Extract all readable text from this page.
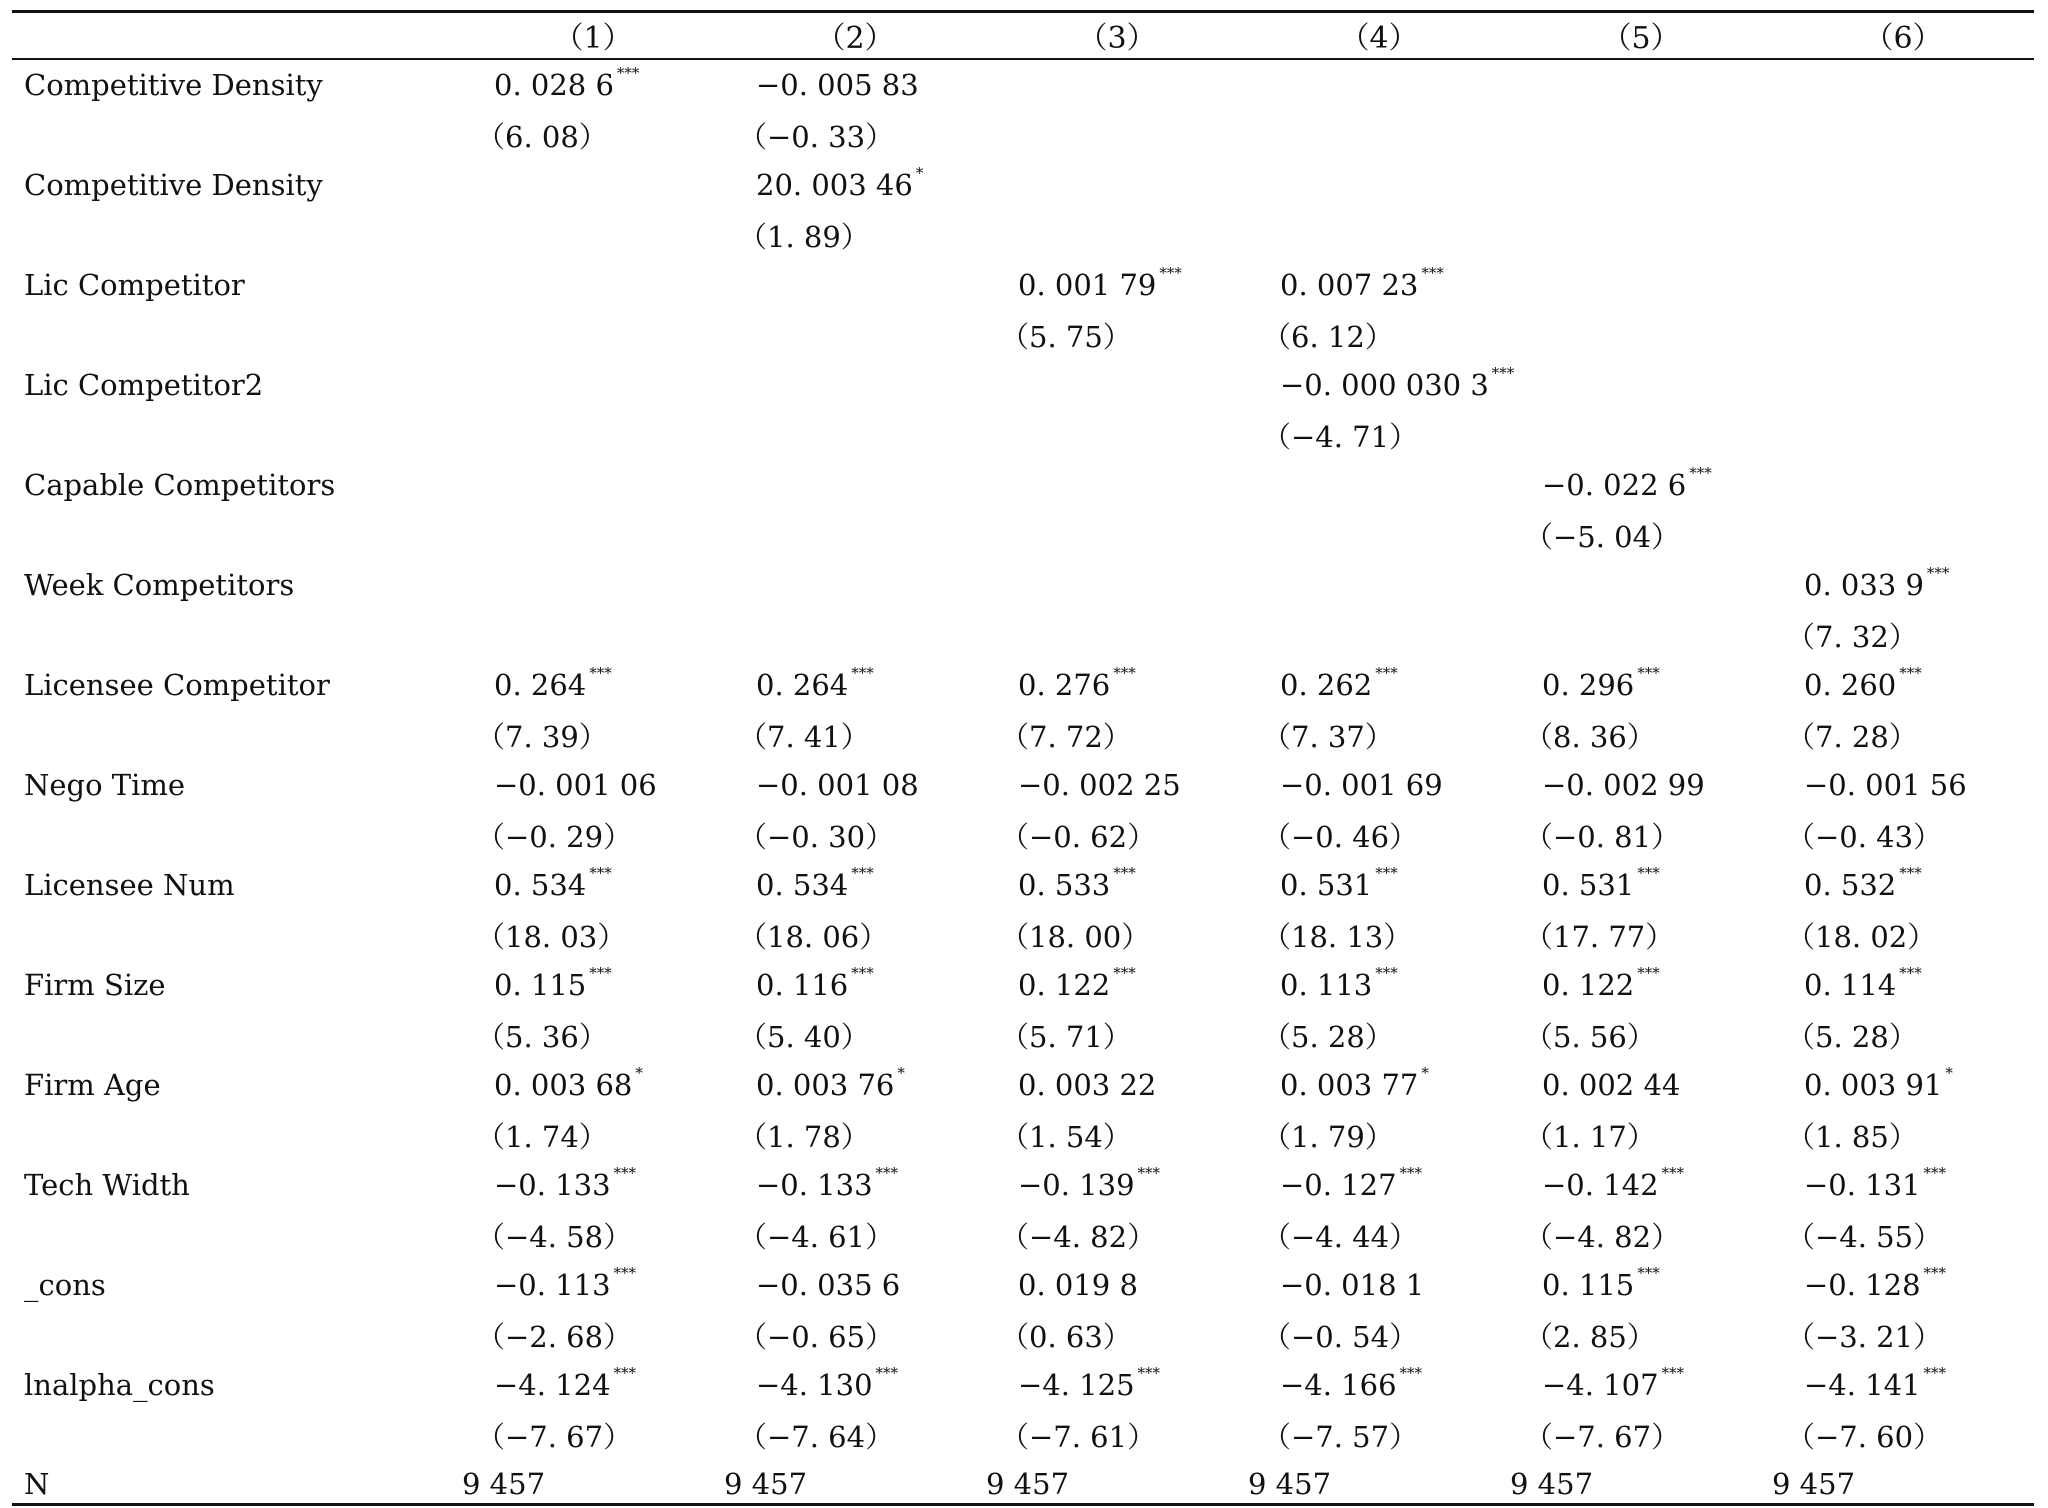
	（1）	（2）	（3）	（4）	（5）	（6）
Competitive Density	0. 028 6 ***	−0. 005 83				
	（6. 08）	（−0. 33）				
Competitive Density		20. 003 46 *				
		（1. 89）				
Lic Competitor			0. 001 79 ***	0. 007 23 ***		
			（5. 75）	（6. 12）		
Lic Competitor2				−0. 000 030 3 ***		
				（−4. 71）		
Capable Competitors					−0. 022 6 ***	
					（−5. 04）	
Week Competitors						0. 033 9 ***
						（7. 32）
Licensee Competitor	0. 264 ***	0. 264 ***	0. 276 ***	0. 262 ***	0. 296 ***	0. 260 ***
	（7. 39）	（7. 41）	（7. 72）	（7. 37）	（8. 36）	（7. 28）
Nego Time	−0. 001 06	−0. 001 08	−0. 002 25	−0. 001 69	−0. 002 99	−0. 001 56
	（−0. 29）	（−0. 30）	（−0. 62）	（−0. 46）	（−0. 81）	（−0. 43）
Licensee Num	0. 534 ***	0. 534 ***	0. 533 ***	0. 531 ***	0. 531 ***	0. 532 ***
	（18. 03）	（18. 06）	（18. 00）	（18. 13）	（17. 77）	（18. 02）
Firm Size	0. 115 ***	0. 116 ***	0. 122 ***	0. 113 ***	0. 122 ***	0. 114 ***
	（5. 36）	（5. 40）	（5. 71）	（5. 28）	（5. 56）	（5. 28）
Firm Age	0. 003 68 *	0. 003 76 *	0. 003 22	0. 003 77 *	0. 002 44	0. 003 91 *
	（1. 74）	（1. 78）	（1. 54）	（1. 79）	（1. 17）	（1. 85）
Tech Width	−0. 133 ***	−0. 133 ***	−0. 139 ***	−0. 127 ***	−0. 142 ***	−0. 131 ***
	（−4. 58）	（−4. 61）	（−4. 82）	（−4. 44）	（−4. 82）	（−4. 55）
_cons	−0. 113 ***	−0. 035 6	0. 019 8	−0. 018 1	0. 115 ***	−0. 128 ***
	（−2. 68）	（−0. 65）	（0. 63）	（−0. 54）	（2. 85）	（−3. 21）
lnalpha_cons	−4. 124 ***	−4. 130 ***	−4. 125 ***	−4. 166 ***	−4. 107 ***	−4. 141 ***
	（−7. 67）	（−7. 64）	（−7. 61）	（−7. 57）	（−7. 67）	（−7. 60）
N	9 457	9 457	9 457	9 457	9 457	9 457
